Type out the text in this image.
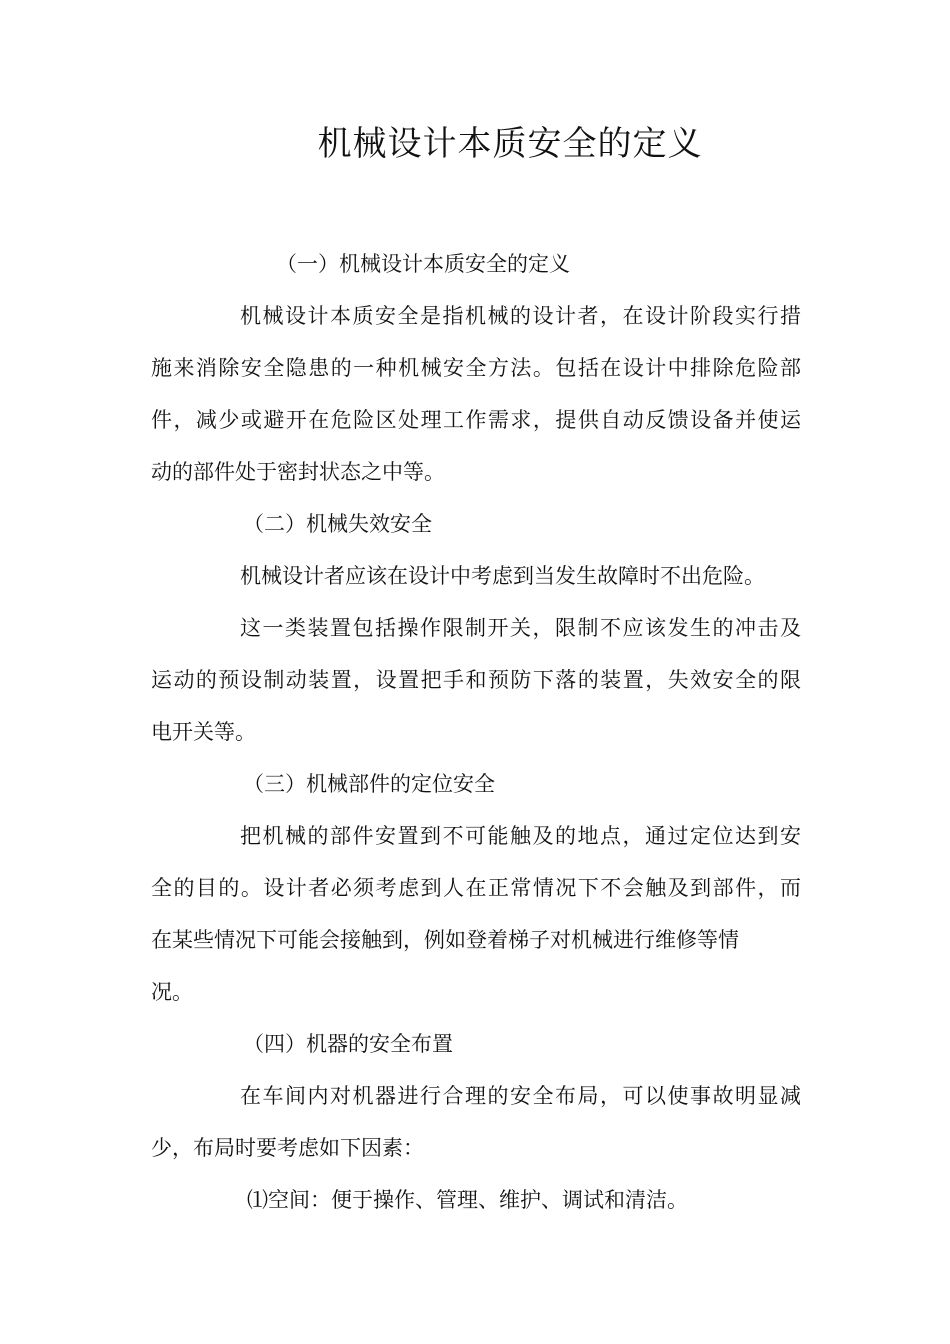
机械设计本质安全的定义
（一）机械设计本质安全的定义
机械设计本质安全是指机械的设计者，在设计阶段实行措
施来消除安全隐患的一种机械安全方法。包括在设计中排除危险部
件，减少或避开在危险区处理工作需求，提供自动反馈设备并使运
动的部件处于密封状态之中等。
（二）机械失效安全
机械设计者应该在设计中考虑到当发生故障时不出危险。
这一类装置包括操作限制开关，限制不应该发生的冲击及
运动的预设制动装置，设置把手和预防下落的装置，失效安全的限
电开关等。
（三）机械部件的定位安全
把机械的部件安置到不可能触及的地点，通过定位达到安
全的目的。设计者必须考虑到人在正常情况下不会触及到部件，而
在某些情况下可能会接触到，例如登着梯子对机械进行维修等情
况。
（四）机器的安全布置
在车间内对机器进行合理的安全布局，可以使事故明显减
少，布局时要考虑如下因素：
⑴空间：便于操作、管理、维护、调试和清洁。
